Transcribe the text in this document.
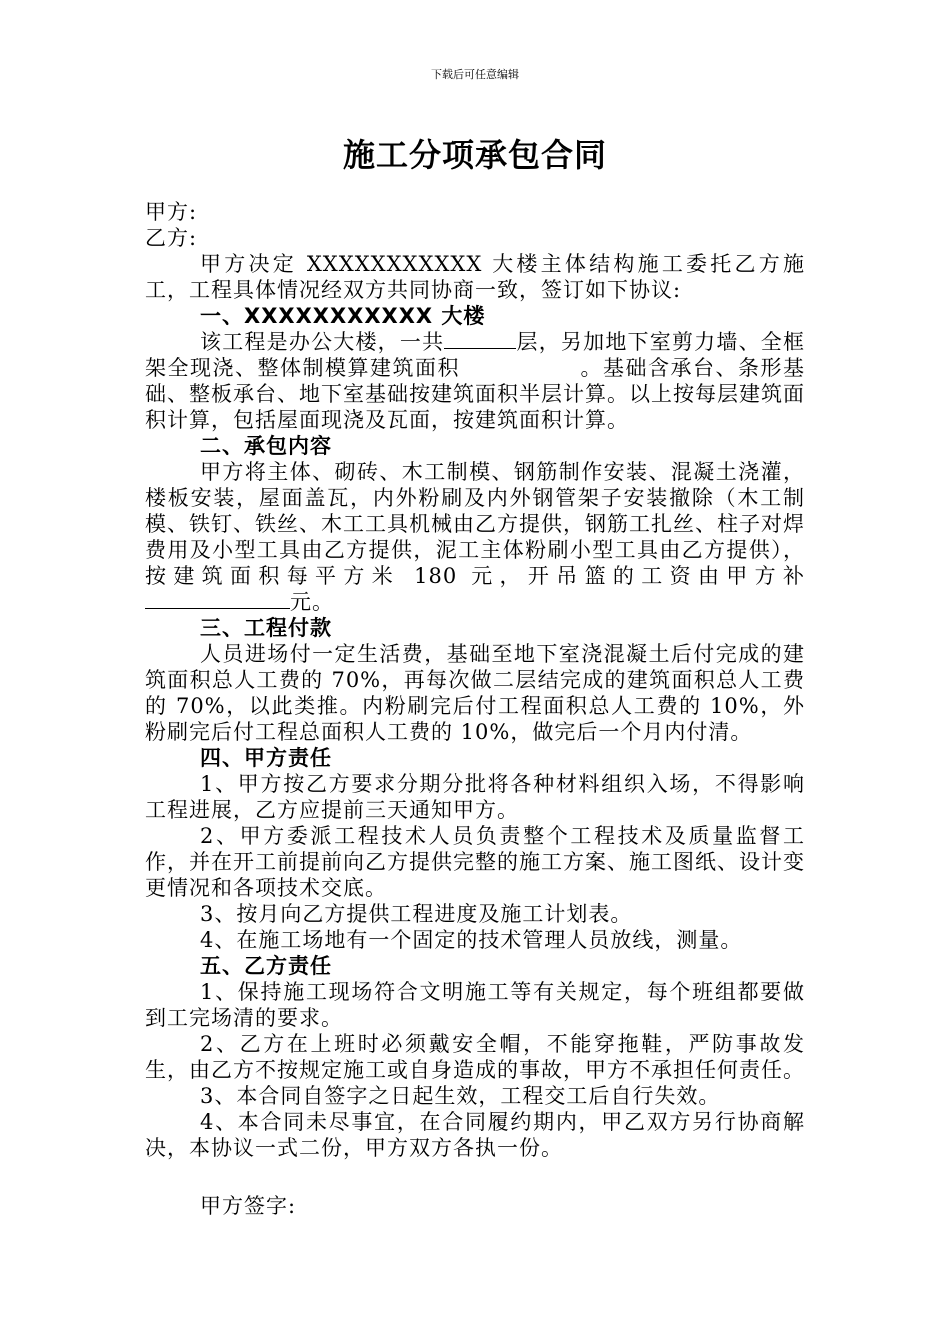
下载后可任意编辑
施工分项承包合同

甲方:

乙方:

甲方决定 XXXXXXXXXXX 大楼主体结构施工委托乙方施工，工程具体情况经双方共同协商一致，签订如下协议:

一、XXXXXXXXXXX 大楼

该工程是办公大楼，一共	层，另加地下室剪力墙、全框架全现浇、整体制模算建筑面积	。基础含承台、条形基础、整板承台、地下室基础按建筑面积半层计算。以上按每层建筑面积计算，包括屋面现浇及瓦面，按建筑面积计算。

二、承包内容

甲方将主体、砌砖、木工制模、钢筋制作安装、混凝土浇灌，楼板安装，屋面盖瓦，内外粉刷及内外钢管架子安装撤除（木工制模、铁钉、铁丝、木工工具机械由乙方提供，钢筋工扎丝、柱子对焊费用及小型工具由乙方提供，泥工主体粉刷小型工具由乙方提供），按建筑面积每平方米 180 元，开吊篮的工资由甲方补元。

三、工程付款

人员进场付一定生活费，基础至地下室浇混凝土后付完成的建筑面积总人工费的 70%，再每次做二层结完成的建筑面积总人工费的 70%，以此类推。内粉刷完后付工程面积总人工费的 10%，外粉刷完后付工程总面积人工费的 10%，做完后一个月内付清。

四、甲方责任

1、甲方按乙方要求分期分批将各种材料组织入场，不得影响工程进展，乙方应提前三天通知甲方。

2、甲方委派工程技术人员负责整个工程技术及质量监督工作，并在开工前提前向乙方提供完整的施工方案、施工图纸、设计变更情况和各项技术交底。

3、按月向乙方提供工程进度及施工计划表。

4、在施工场地有一个固定的技术管理人员放线，测量。

五、乙方责任

1、保持施工现场符合文明施工等有关规定，每个班组都要做到工完场清的要求。

2、乙方在上班时必须戴安全帽，不能穿拖鞋，严防事故发生，由乙方不按规定施工或自身造成的事故，甲方不承担任何责任。

3、本合同自签字之日起生效，工程交工后自行失效。

4、本合同未尽事宜，在合同履约期内，甲乙双方另行协商解决，本协议一式二份，甲方双方各执一份。

甲方签字:
